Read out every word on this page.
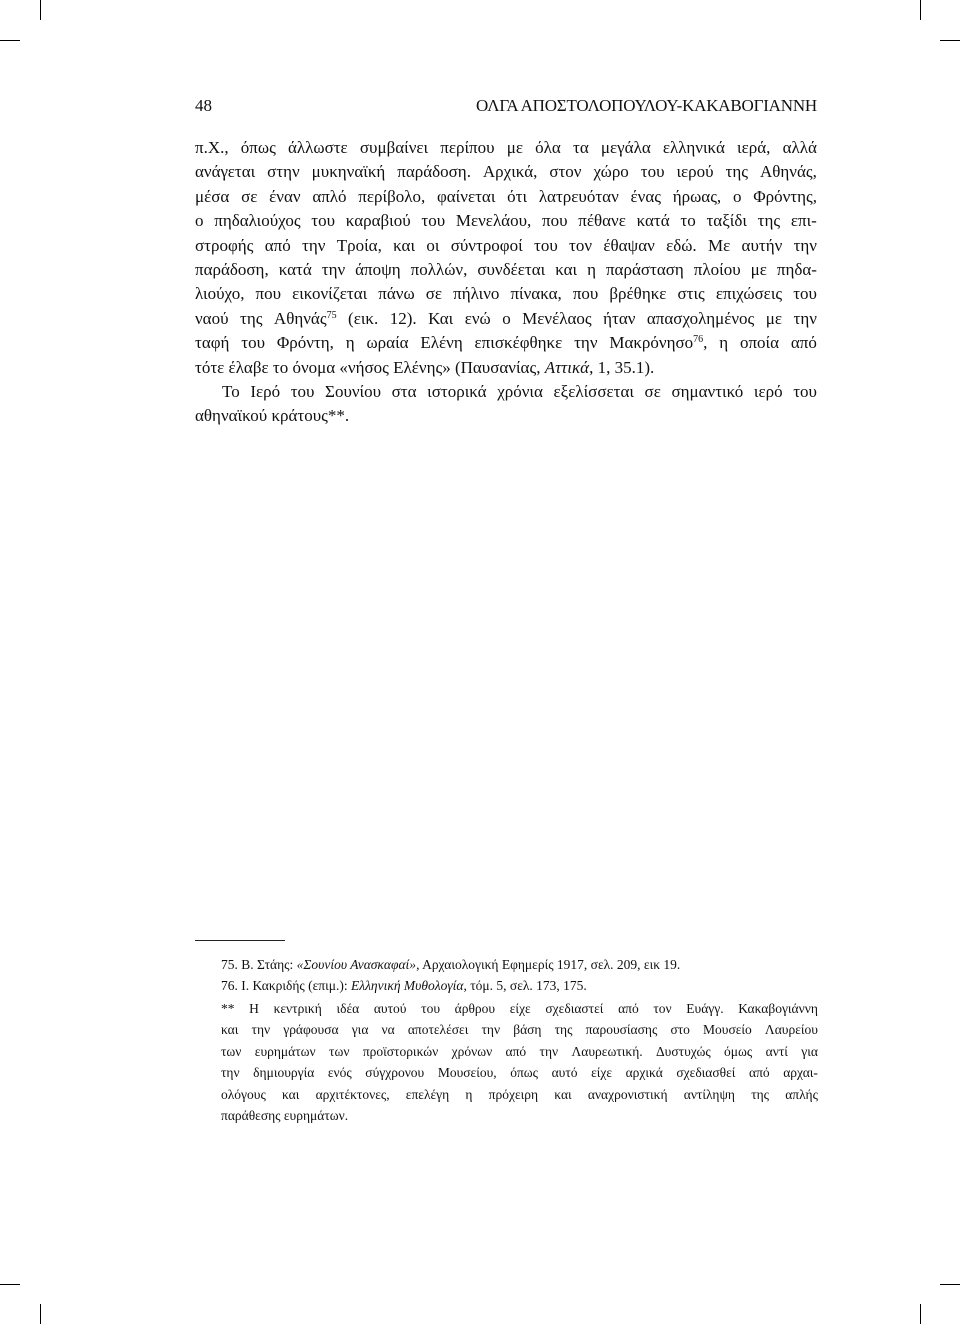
48	ΟΛΓΑ ΑΠΟΣΤΟΛΟΠΟΥΛΟΥ-ΚΑΚΑΒΟΓΙΑΝΝΗ
π.Χ., όπως άλλωστε συμβαίνει περίπου με όλα τα μεγάλα ελληνικά ιερά, αλλά
ανάγεται στην μυκηναϊκή παράδοση. Αρχικά, στον χώρο του ιερού της Αθηνάς,
μέσα σε έναν απλό περίβολο, φαίνεται ότι λατρευόταν ένας ήρωας, ο Φρόντης,
ο πηδαλιούχος του καραβιού του Μενελάου, που πέθανε κατά το ταξίδι της επι-
στροφής από την Τροία, και οι σύντροφοί του τον έθαψαν εδώ. Με αυτήν την
παράδοση, κατά την άποψη πολλών, συνδέεται και η παράσταση πλοίου με πηδα-
λιούχο, που εικονίζεται πάνω σε πήλινο πίνακα, που βρέθηκε στις επιχώσεις του
ναού της Αθηνάς$^{75}$ (εικ. 12). Και ενώ ο Μενέλαος ήταν απασχολημένος με την
ταφή του Φρόντη, η ωραία Ελένη επισκέφθηκε την Μακρόνησο$^{76}$, η οποία από
τότε έλαβε το όνομα «νήσος Ελένης» (Παυσανίας, Αττικά , 1, 35.1).
Το Ιερό του Σουνίου στα ιστορικά χρόνια εξελίσσεται σε σημαντικό ιερό του
αθηναϊκού κράτους**.
75. Β. Στάης: «Σουνίου Ανασκαφαί», Αρχαιολογική Εφημερίς 1917, σελ. 209, εικ 19.
76. Ι. Κακριδής (επιμ.): Ελληνική Μυθολογία, τόμ. 5, σελ. 173, 175.
** Η κεντρική ιδέα αυτού του άρθρου είχε σχεδιαστεί από τον Ευάγγ. Κακαβογιάννη
και την γράφουσα για να αποτελέσει την βάση της παρουσίασης στο Μουσείο Λαυρείου
των ευρημάτων των προϊστορικών χρόνων από την Λαυρεωτική. Δυστυχώς όμως αντί για
την δημιουργία ενός σύγχρονου Μουσείου, όπως αυτό είχε αρχικά σχεδιασθεί από αρχαι-
ολόγους και αρχιτέκτονες, επελέγη η πρόχειρη και αναχρονιστική αντίληψη της απλής
παράθεσης ευρημάτων.
